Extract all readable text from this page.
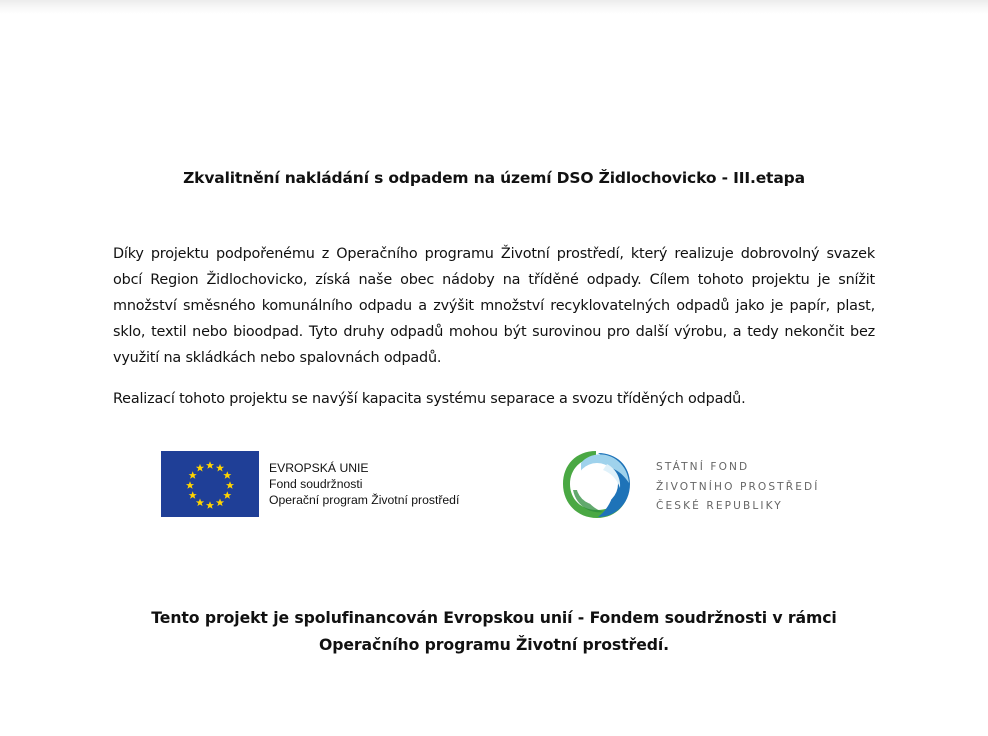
Zkvalitnění nakládání s odpadem na území DSO Židlochovicko - III.etapa

Díky projektu podpořenému z Operačního programu Životní prostředí, který realizuje dobrovolný svazek obcí Region Židlochovicko, získá naše obec nádoby na tříděné odpady. Cílem tohoto projektu je snížit množství směsného komunálního odpadu a zvýšit množství recyklovatelných odpadů jako je papír, plast, sklo, textil nebo bioodpad. Tyto druhy odpadů mohou být surovinou pro další výrobu, a tedy nekončit bez využití na skládkách nebo spalovnách odpadů.

Realizací tohoto projektu se navýší kapacita systému separace a svozu tříděných odpadů.

EVROPSKÁ UNIE
Fond soudržnosti
Operační program Životní prostředí
STÁTNÍ FOND
ŽIVOTNÍHO PROSTŘEDÍ
ČESKÉ REPUBLIKY

Tento projekt je spolufinancován Evropskou unií - Fondem soudržnosti v rámci Operačního programu Životní prostředí.
